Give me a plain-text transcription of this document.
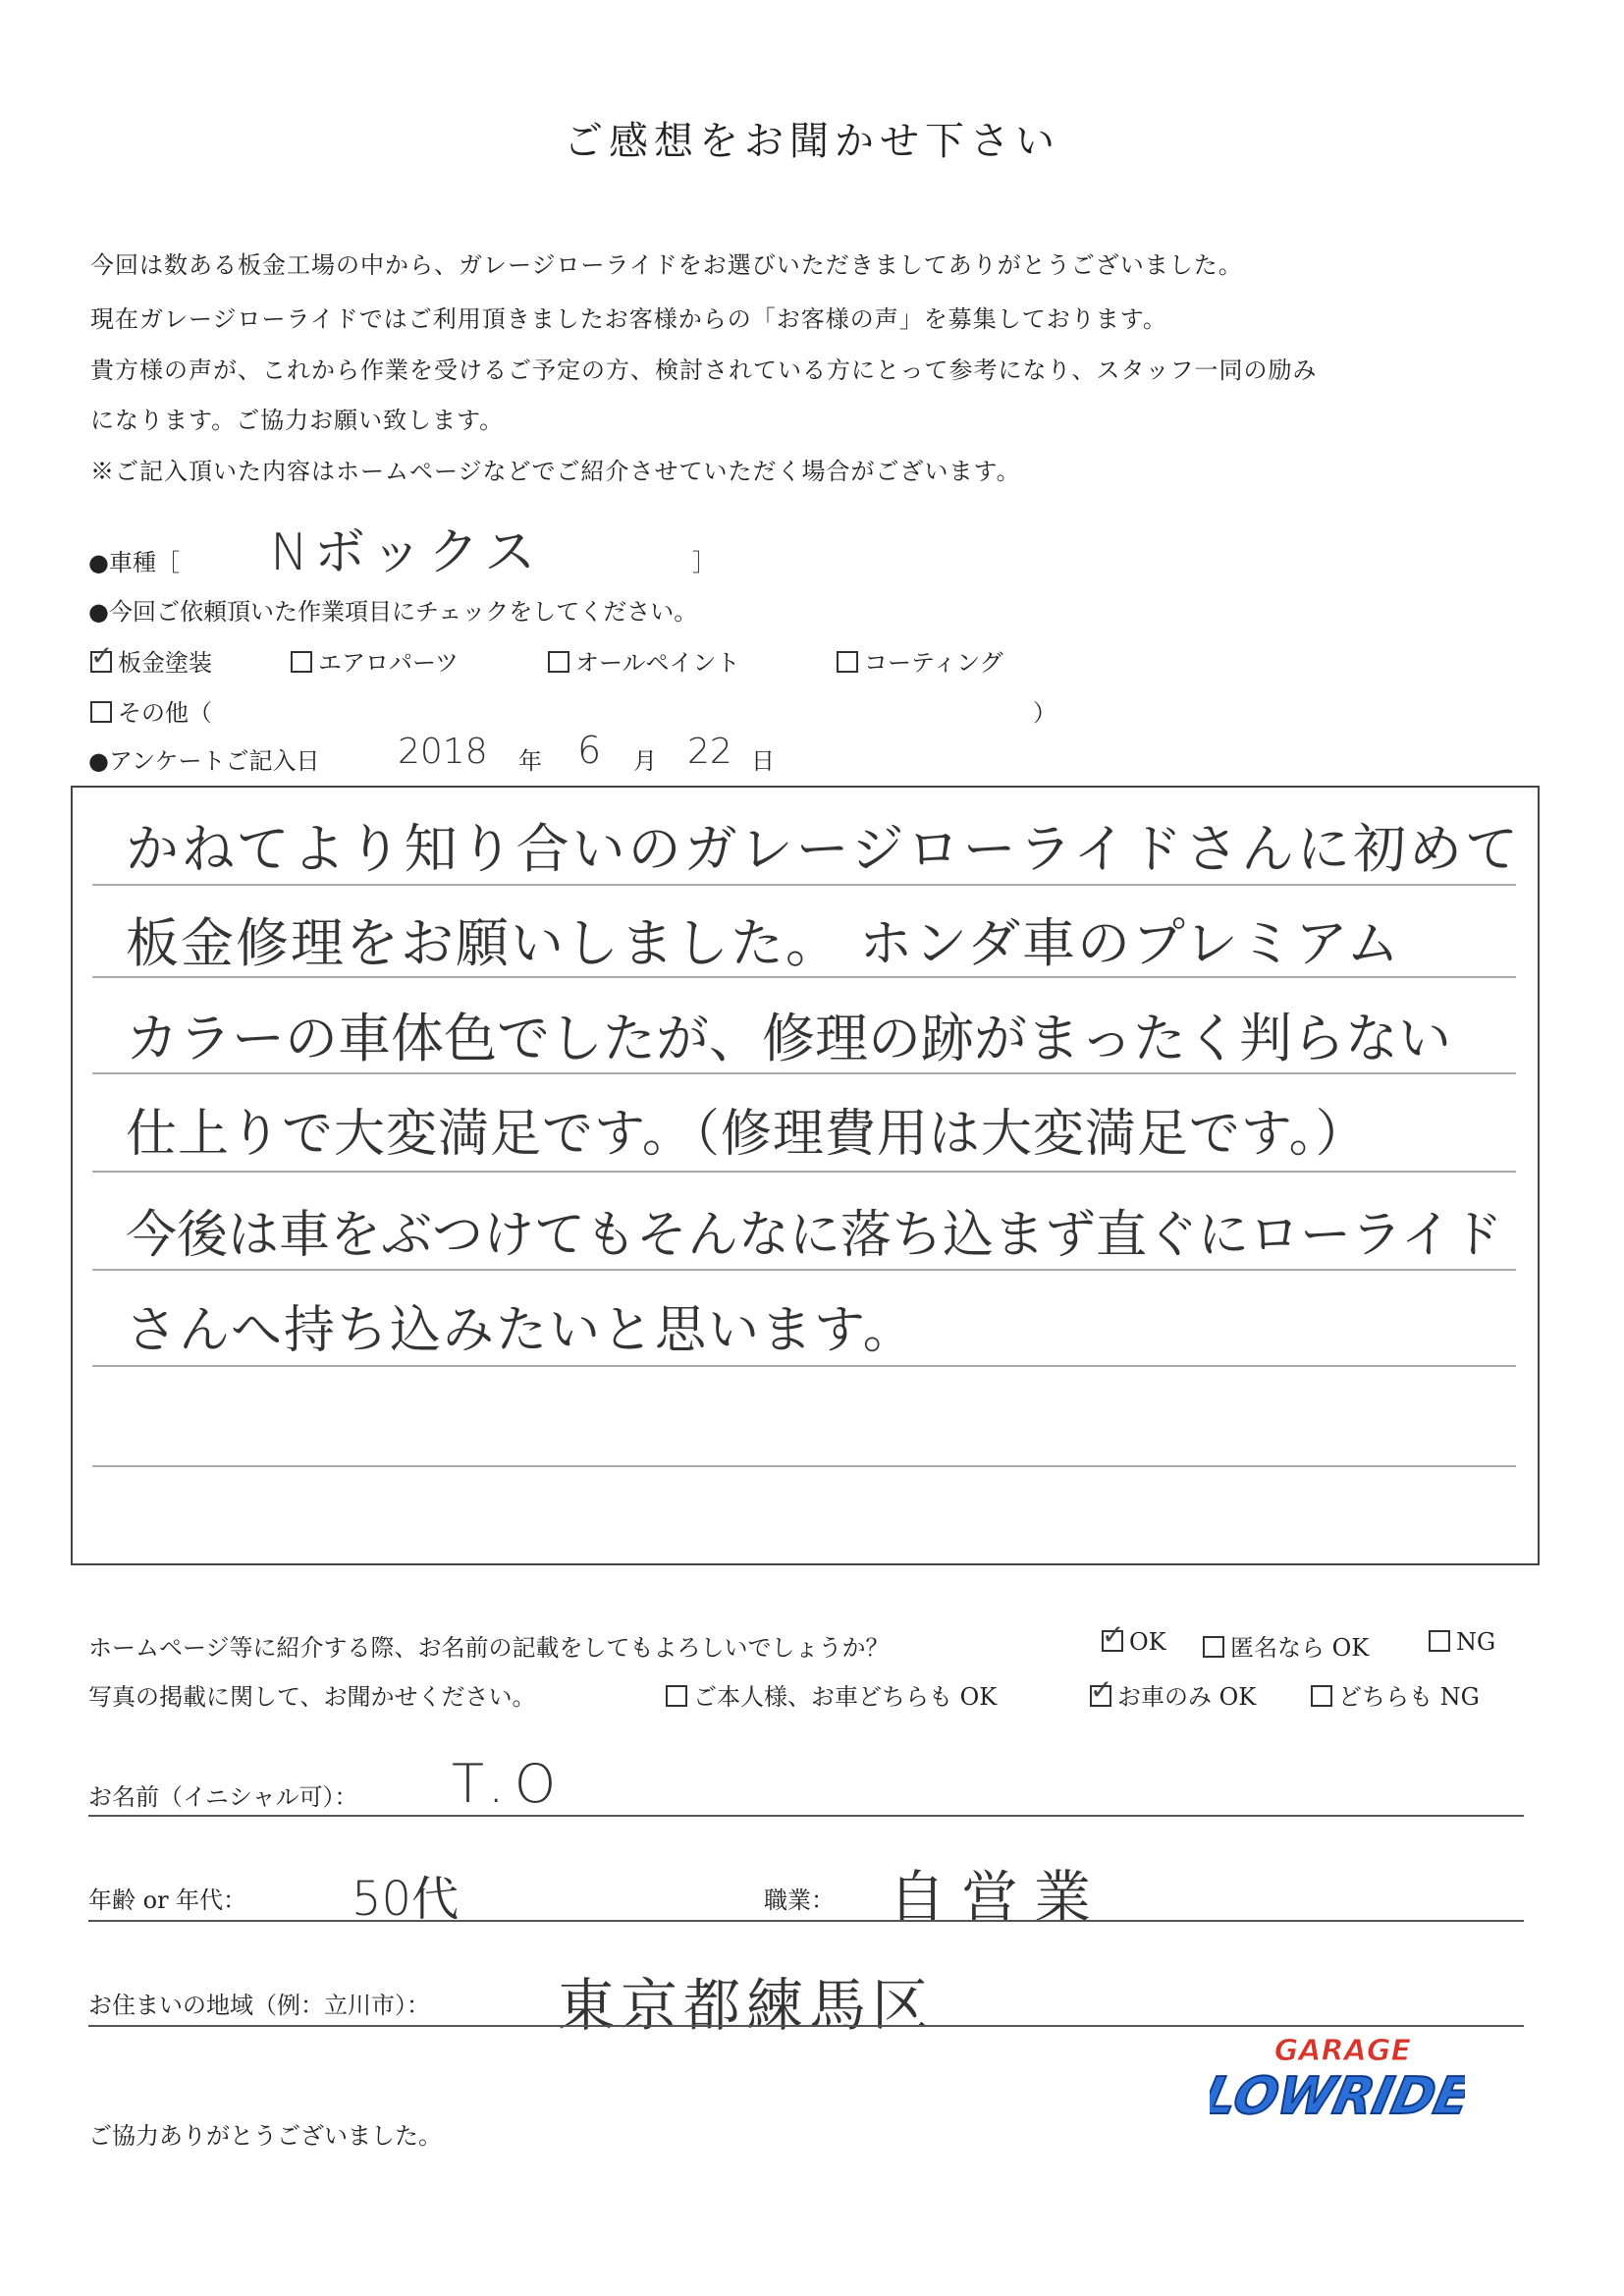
ご感想をお聞かせ下さい
今回は数ある板金工場の中から、ガレージローライドをお選びいただきましてありがとうございました。
現在ガレージローライドではご利用頂きましたお客様からの「お客様の声」を募集しております。
貴方様の声が、これから作業を受けるご予定の方、検討されている方にとって参考になり、スタッフ一同の励み
になります。ご協力お願い致します。
※ご記入頂いた内容はホームページなどでご紹介させていただく場合がございます。
●車種［ Nボックス	］
●今回ご依頼頂いた作業項目にチェックをしてください。
✓板金塗装	エアロパーツ	オールペイント	コーティング
その他（	）
●アンケートご記入日 2018 年 6 月 22 日
かねてより知り合いのガレージローライドさんに初めて
板金修理をお願いしました。 ホンダ車のプレミアム
カラーの車体色でしたが、修理の跡がまったく判らない
仕上りで大変満足です。（修理費用は大変満足です。）
今後は車をぶつけてもそんなに落ち込まず直ぐにローライド
さんへ持ち込みたいと思います。
ホームページ等に紹介する際、お名前の記載をしてもよろしいでしょうか？ ✓	OK	匿名なら OK	NG
写真の掲載に関して、お聞かせください。	ご本人様、お車どちらも OK ✓	お車のみ OK	どちらも NG
お名前（イニシャル可）： T.O
年齢 or 年代： 50代	職業： 自営業
お住まいの地域（例：立川市）： 東京都練馬区
ご協力ありがとうございました。
GARAGE
LOWRIDE
